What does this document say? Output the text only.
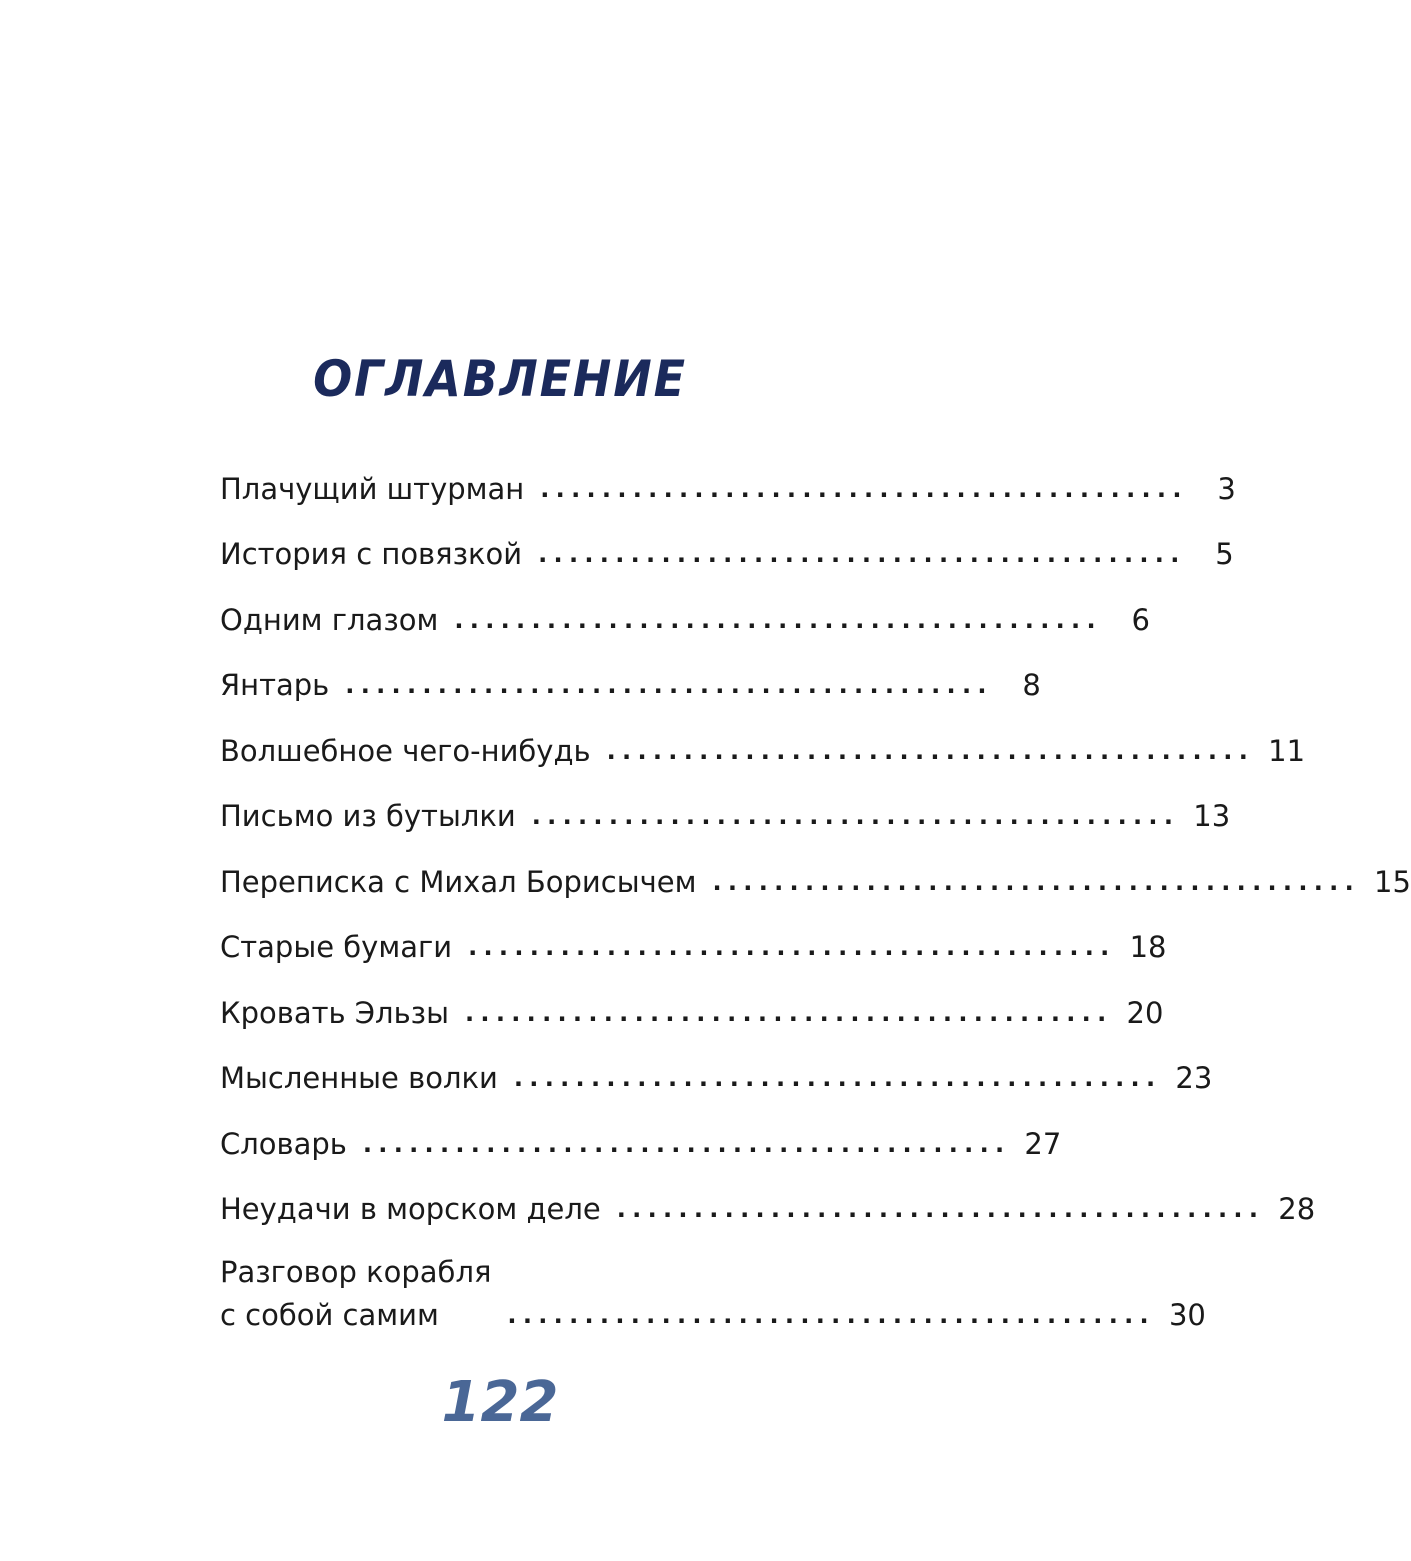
ОГЛАВЛЕНИЕ
Плачущий штурман ..........................................	3
История с повязкой ..........................................	5
Одним глазом ..........................................	6
Янтарь ..........................................	8
Волшебное чего-нибудь .......................................... 11
Письмо из бутылки .......................................... 13
Переписка с Михал Борисычем .......................................... 15
Старые бумаги .......................................... 18
Кровать Эльзы .......................................... 20
Мысленные волки .......................................... 23
Словарь .......................................... 27
Неудачи в морском деле .......................................... 28
Разговор корабля
с собой самим	.......................................... 30
122
